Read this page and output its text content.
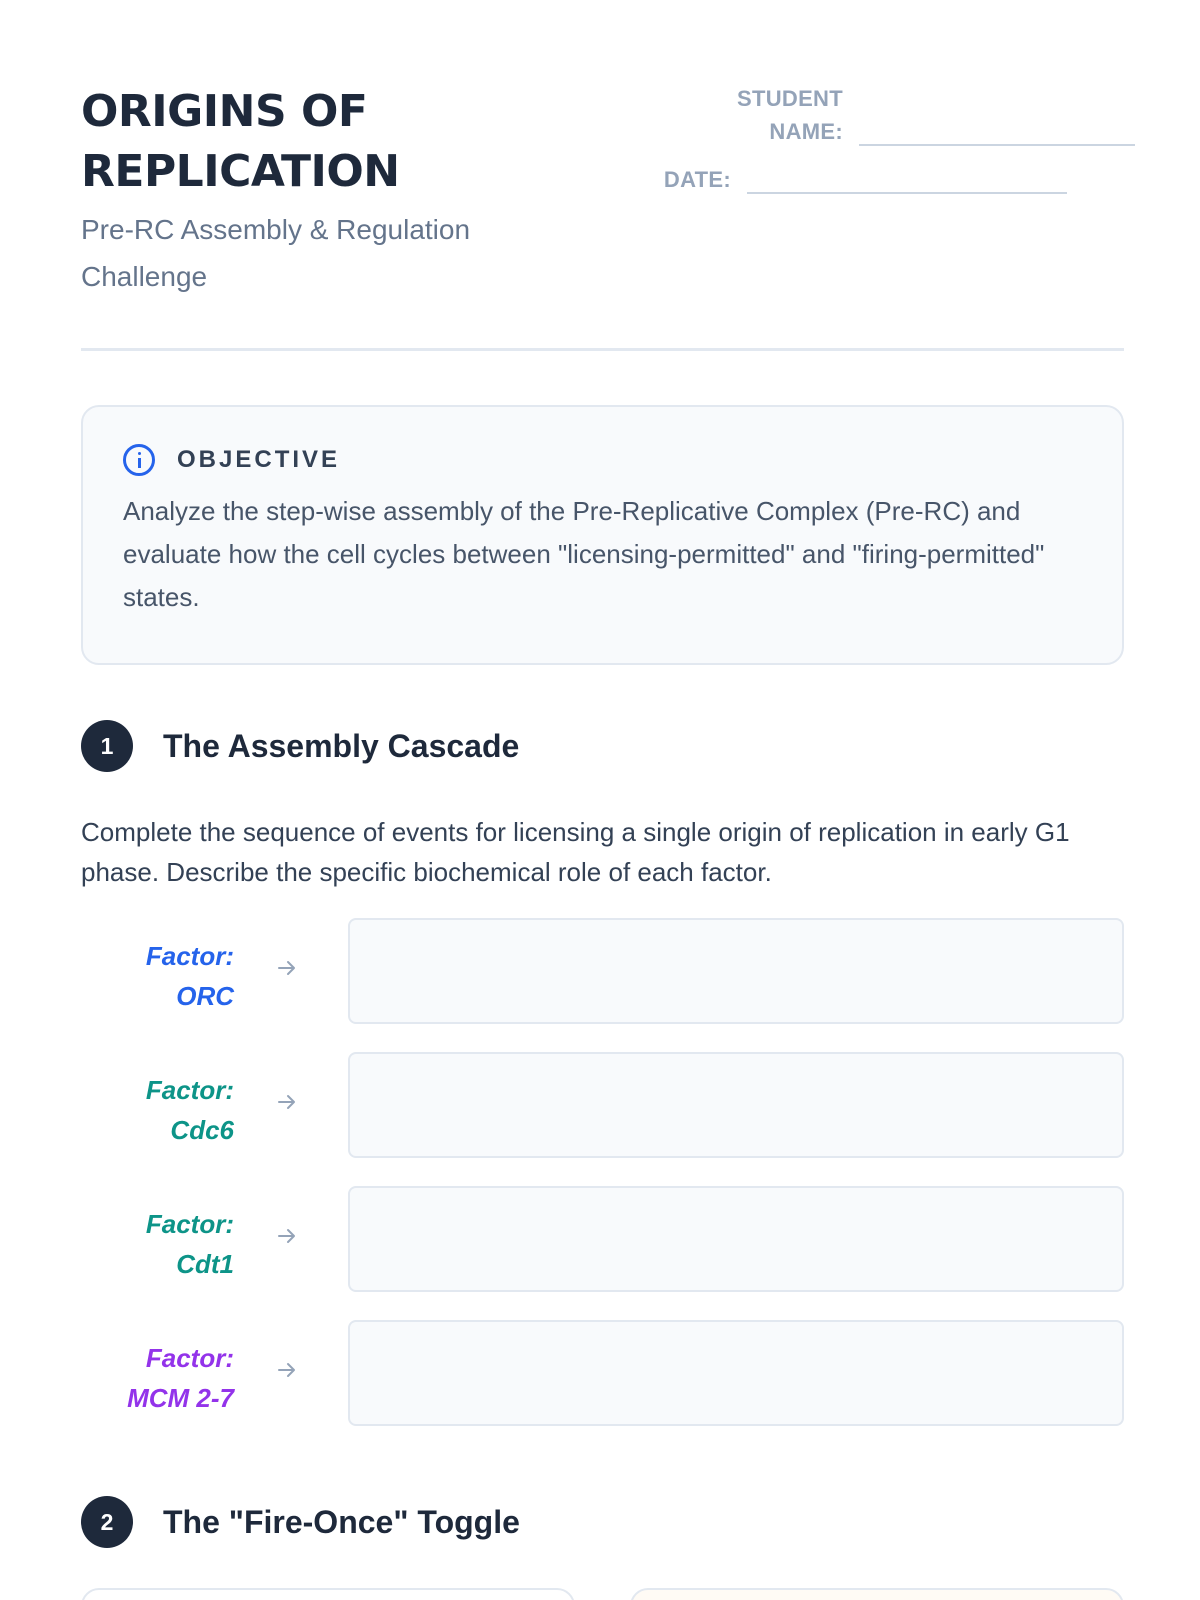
ORIGINS OF
REPLICATION
Pre-RC Assembly & Regulation Challenge
STUDENT NAME:
DATE:
OBJECTIVE
Analyze the step-wise assembly of the Pre-Replicative Complex (Pre-RC) and evaluate how the cell cycles between "licensing-permitted" and "firing-permitted" states.
1	The Assembly Cascade
Complete the sequence of events for licensing a single origin of replication in early G1 phase. Describe the specific biochemical role of each factor.
Factor: ORC
Factor: Cdc6
Factor: Cdt1
Factor: MCM 2-7
2	The "Fire-Once" Toggle
